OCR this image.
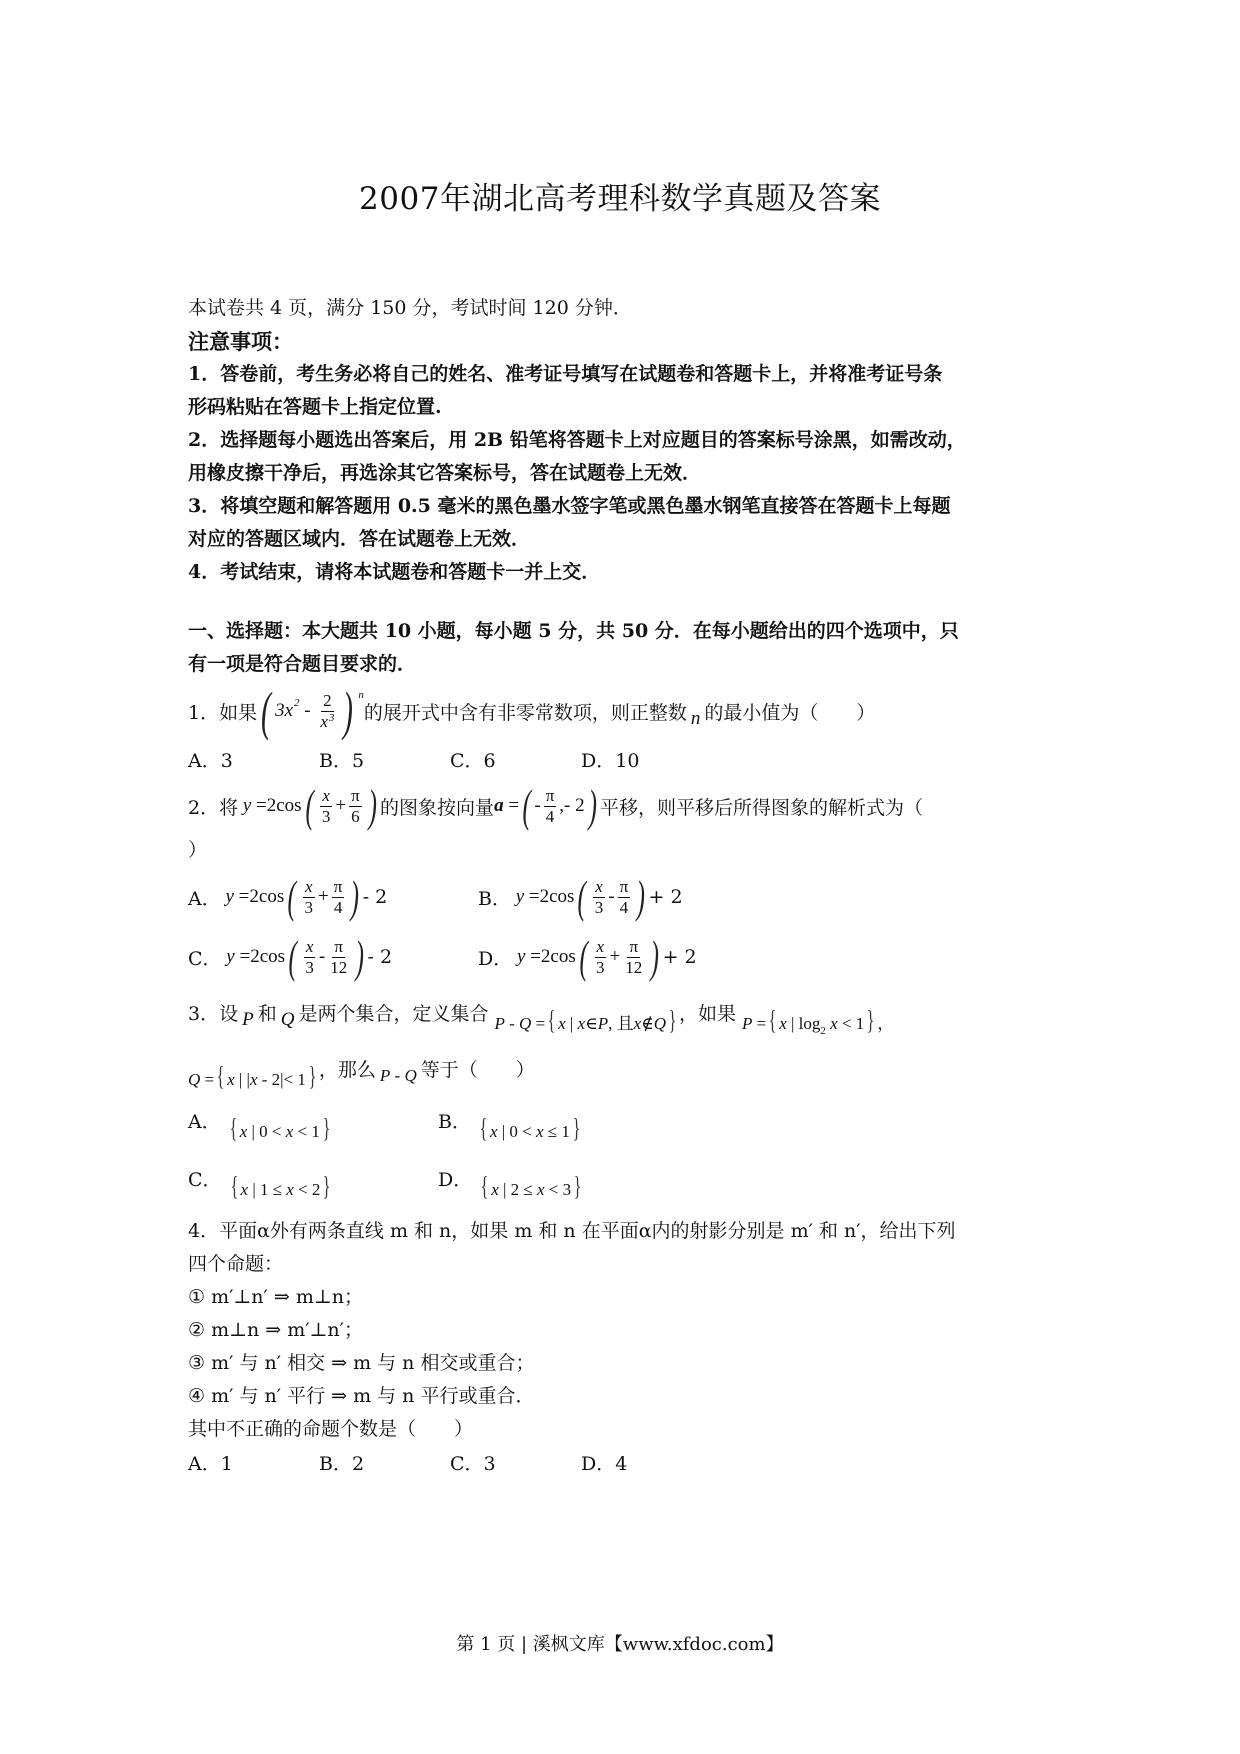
2007年湖北高考理科数学真题及答案
本试卷共 4 页，满分 150 分，考试时间 120 分钟．
注意事项：
1．答卷前，考生务必将自己的姓名、准考证号填写在试题卷和答题卡上，并将准考证号条
形码粘贴在答题卡上指定位置.
2．选择题每小题选出答案后，用 2B 铅笔将答题卡上对应题目的答案标号涂黑，如需改动，
用橡皮擦干净后，再选涂其它答案标号，答在试题卷上无效．
3．将填空题和解答题用 0.5 毫米的黑色墨水签字笔或黑色墨水钢笔直接答在答题卡上每题
对应的答题区域内．答在试题卷上无效．
4．考试结束，请将本试题卷和答题卡一并上交．
一、选择题：本大题共 10 小题，每小题 5 分，共 50 分．在每小题给出的四个选项中，只
有一项是符合题目要求的．
1．如果 ( $3x^2 - \frac{2}{x^3}$ ) n
的展开式中含有非零常数项，则正整数 n 的最小值为（　　）
A．3	B．5	C．6	D．10
2．将 y =2cos ( $\frac{x}{3} + \frac{\pi}{6}$ ) 的图象按向量 a = ( - $\frac{\pi}{4}$ ,- 2 ) 平移，则平移后所得图象的解析式为（
）
A． y =2cos ( $\frac{x}{3} + \frac{\pi}{4}$ ) - 2	B． y =2cos ( $\frac{x}{3} - \frac{\pi}{4}$ ) + 2
C． y =2cos ( $\frac{x}{3} - \frac{\pi}{12}$ ) - 2	D． y =2cos ( $\frac{x}{3} + \frac{\pi}{12}$ ) + 2
3．设 P 和 Q 是两个集合，定义集合 P - Q ={ x | x∈P, 且x∉Q} ，如果 P ={ x | $\log_2 x < 1$} ，
Q ={ x | |x - 2|< 1} ，那么 P - Q 等于（　　）
A． { x | 0 < x < 1}	B． { x | 0 < x ≤ 1}
C． { x | 1 ≤ x < 2}	D． { x | 2 ≤ x < 3}
4．平面α外有两条直线 m 和 n，如果 m 和 n 在平面α内的射影分别是 m′ 和 n′，给出下列
四个命题：
① m′⊥n′ ⇒ m⊥n；
② m⊥n ⇒ m′⊥n′；
③ m′ 与 n′ 相交 ⇒ m 与 n 相交或重合；
④ m′ 与 n′ 平行 ⇒ m 与 n 平行或重合．
其中不正确的命题个数是（　　）
A．1	B．2	C．3	D．4
第 1 页 | 溪枫文库【www.xfdoc.com】
